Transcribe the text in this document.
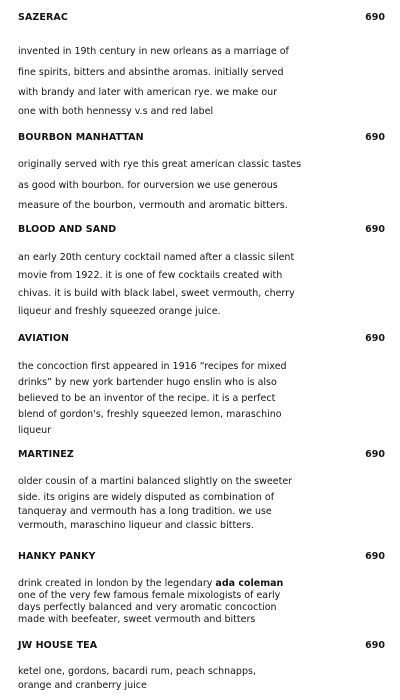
SAZERAC	690
invented in 19th century in new orleans as a marriage of
fine spirits, bitters and absinthe aromas. initially served
with brandy and later with american rye. we make our
one with both hennessy v.s and red label
BOURBON MANHATTAN	690
originally served with rye this great american classic tastes
as good with bourbon. for ourversion we use generous
measure of the bourbon, vermouth and aromatic bitters.
BLOOD AND SAND	690
an early 20th century cocktail named after a classic silent
movie from 1922. it is one of few cocktails created with
chivas. it is build with black label, sweet vermouth, cherry
liqueur and freshly squeezed orange juice.
AVIATION	690
the concoction first appeared in 1916 “recipes for mixed
drinks” by new york bartender hugo enslin who is also
believed to be an inventor of the recipe. it is a perfect
blend of gordon's, freshly squeezed lemon, maraschino
liqueur
MARTINEZ	690
older cousin of a martini balanced slightly on the sweeter
side. its origins are widely disputed as combination of
tanqueray and vermouth has a long tradition. we use
vermouth, maraschino liqueur and classic bitters.
HANKY PANKY	690
drink created in london by the legendary ada coleman
one of the very few famous female mixologists of early
days perfectly balanced and very aromatic concoction
made with beefeater, sweet vermouth and bitters
JW HOUSE TEA	690
ketel one, gordons, bacardi rum, peach schnapps,
orange and cranberry juice
